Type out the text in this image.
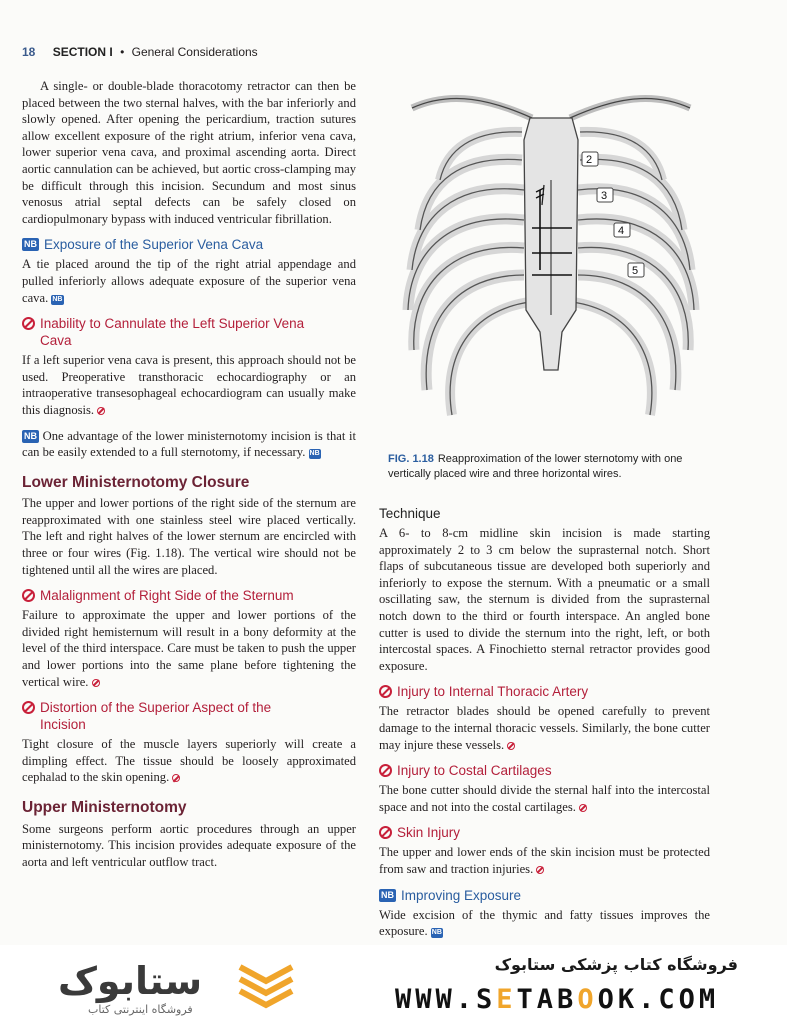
18 SECTION I • General Considerations

A single- or double-blade thoracotomy retractor can then be placed between the two sternal halves, with the bar inferiorly and slowly opened. After opening the pericardium, traction sutures allow excellent exposure of the right atrium, inferior vena cava, lower superior vena cava, and proximal ascending aorta. Direct aortic cannulation can be achieved, but aortic cross-clamping may be difficult through this incision. Secundum and most sinus venosus atrial septal defects can be safely closed on cardiopulmonary bypass with induced ventricular fibrillation.

NB Exposure of the Superior Vena Cava

A tie placed around the tip of the right atrial appendage and pulled inferiorly allows adequate exposure of the superior vena cava. NB

Inability to Cannulate the Left Superior Vena Cava

If a left superior vena cava is present, this approach should not be used. Preoperative transthoracic echocardiography or an intraoperative transesophageal echocardiogram can usually make this diagnosis.

NB One advantage of the lower ministernotomy incision is that it can be easily extended to a full sternotomy, if necessary. NB

Lower Ministernotomy Closure

The upper and lower portions of the right side of the sternum are reapproximated with one stainless steel wire placed vertically. The left and right halves of the lower sternum are encircled with three or four wires (Fig. 1.18). The vertical wire should not be tightened until all the wires are placed.

Malalignment of Right Side of the Sternum

Failure to approximate the upper and lower portions of the divided right hemisternum will result in a bony deformity at the level of the third interspace. Care must be taken to push the upper and lower portions into the same plane before tightening the vertical wire.

Distortion of the Superior Aspect of the Incision

Tight closure of the muscle layers superiorly will create a dimpling effect. The tissue should be loosely approximated cephalad to the skin opening.

Upper Ministernotomy

Some surgeons perform aortic procedures through an upper ministernotomy. This incision provides adequate exposure of the aorta and left ventricular outflow tract.

2
3
4
5
FIG. 1.18 Reapproximation of the lower sternotomy with one vertically placed wire and three horizontal wires.
Technique

A 6- to 8-cm midline skin incision is made starting approximately 2 to 3 cm below the suprasternal notch. Short flaps of subcutaneous tissue are developed both superiorly and inferiorly to expose the sternum. With a pneumatic or a small oscillating saw, the sternum is divided from the suprasternal notch down to the third or fourth interspace. An angled bone cutter is used to divide the sternum into the right, left, or both intercostal spaces. A Finochietto sternal retractor provides good exposure.

Injury to Internal Thoracic Artery

The retractor blades should be opened carefully to prevent damage to the internal thoracic vessels. Similarly, the bone cutter may injure these vessels.

Injury to Costal Cartilages

The bone cutter should divide the sternal half into the intercostal space and not into the costal cartilages.

Skin Injury

The upper and lower ends of the skin incision must be protected from saw and traction injuries.

NB Improving Exposure

Wide excision of the thymic and fatty tissues improves the exposure. NB

ستابوک
فروشگاه اینترنتی کتاب
فروشگاه کتاب پزشکی ستابوک
WWW.SETABOOK.COM
